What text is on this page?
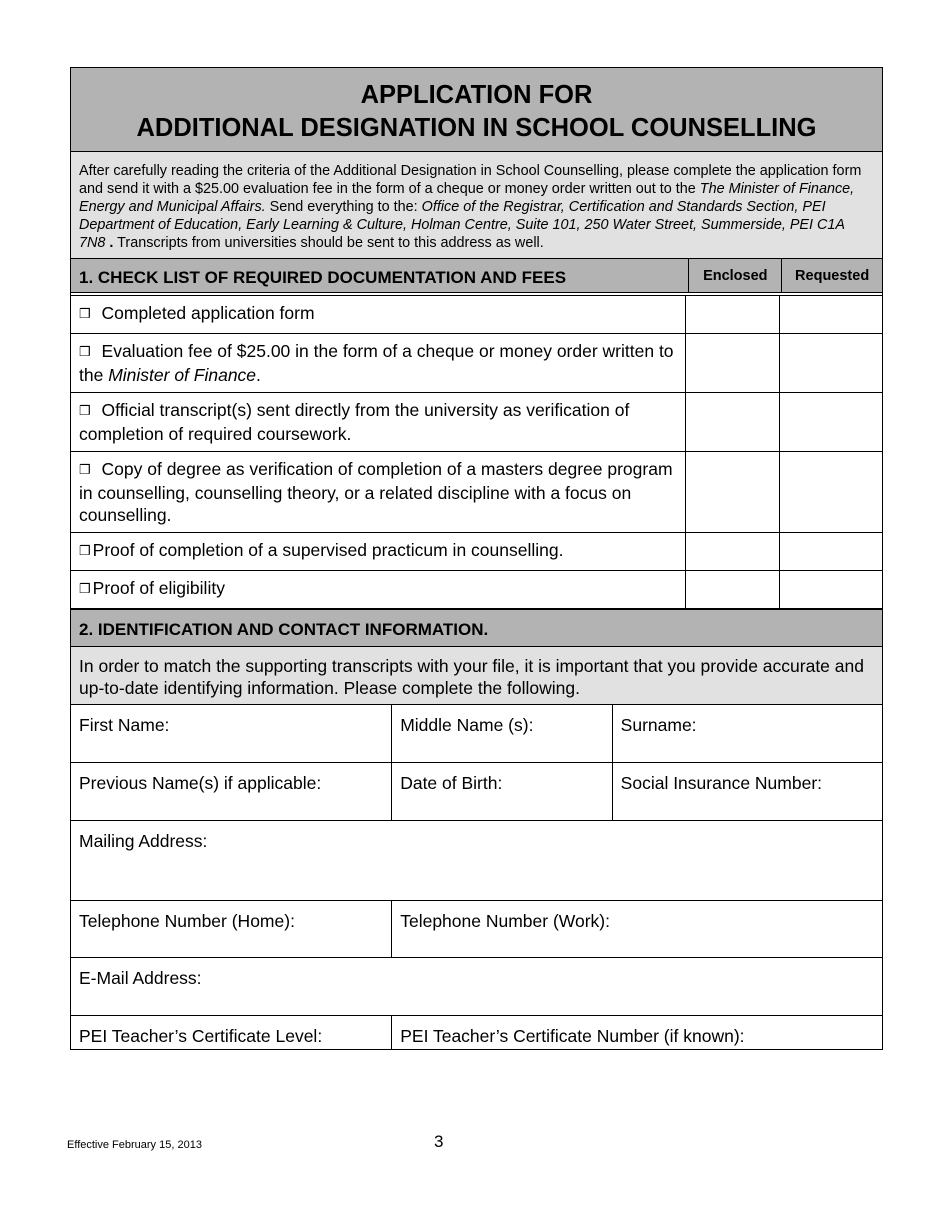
APPLICATION FOR
ADDITIONAL DESIGNATION IN SCHOOL COUNSELLING
After carefully reading the criteria of the Additional Designation in School Counselling, please complete the application form and send it with a $25.00 evaluation fee in the form of a cheque or money order written out to the The Minister of Finance, Energy and Municipal Affairs. Send everything to the: Office of the Registrar, Certification and Standards Section, PEI Department of Education, Early Learning & Culture, Holman Centre, Suite 101, 250 Water Street, Summerside, PEI C1A 7N8 . Transcripts from universities should be sent to this address as well.
1. CHECK LIST OF REQUIRED DOCUMENTATION AND FEES	Enclosed	Requested
❒ Completed application form
❒ Evaluation fee of $25.00 in the form of a cheque or money order written to the Minister of Finance.
❒ Official transcript(s) sent directly from the university as verification of completion of required coursework.
❒ Copy of degree as verification of completion of a masters degree program in counselling, counselling theory, or a related discipline with a focus on counselling.
❒ Proof of completion of a supervised practicum in counselling.
❒ Proof of eligibility
2. IDENTIFICATION AND CONTACT INFORMATION.
In order to match the supporting transcripts with your file, it is important that you provide accurate and up-to-date identifying information. Please complete the following.
First Name:	Middle Name (s):	Surname:
Previous Name(s) if applicable:	Date of Birth:	Social Insurance Number:
Mailing Address:
Telephone Number (Home):	Telephone Number (Work):
E-Mail Address:
PEI Teacher’s Certificate Level:	PEI Teacher’s Certificate Number (if known):
Effective February 15, 2013	3
